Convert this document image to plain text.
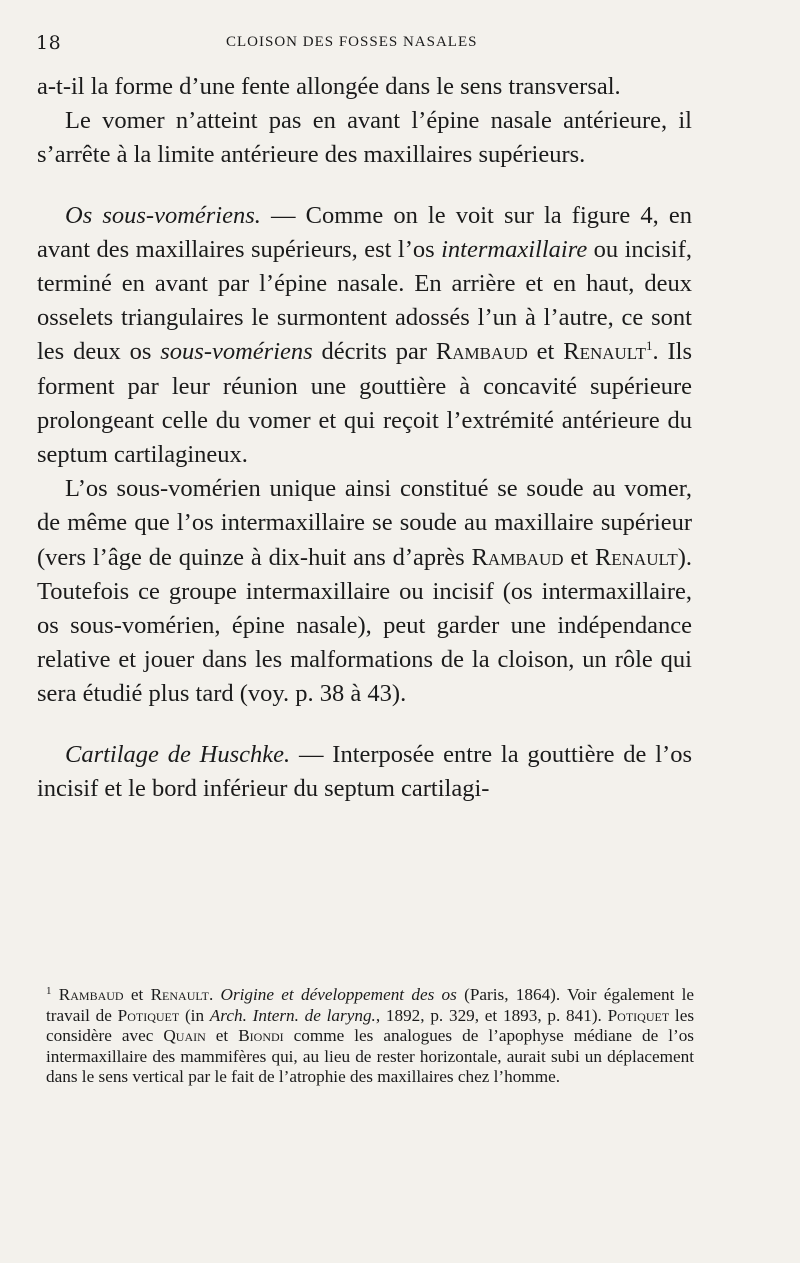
18	CLOISON DES FOSSES NASALES

a-t-il la forme d’une fente allongée dans le sens transversal.

Le vomer n’atteint pas en avant l’épine nasale antérieure, il s’arrête à la limite antérieure des maxillaires supérieurs.

Os sous-vomériens. — Comme on le voit sur la figure 4, en avant des maxillaires supérieurs, est l’os intermaxillaire ou incisif, terminé en avant par l’épine nasale. En arrière et en haut, deux osselets triangulaires le surmontent adossés l’un à l’autre, ce sont les deux os sous-vomériens décrits par Rambaud et Renault$^1$. Ils forment par leur réunion une gouttière à concavité supérieure prolongeant celle du vomer et qui reçoit l’extrémité antérieure du septum cartilagineux.

L’os sous-vomérien unique ainsi constitué se soude au vomer, de même que l’os intermaxillaire se soude au maxillaire supérieur (vers l’âge de quinze à dix-huit ans d’après Rambaud et Renault). Toutefois ce groupe intermaxillaire ou incisif (os intermaxillaire, os sous-vomérien, épine nasale), peut garder une indépendance relative et jouer dans les malformations de la cloison, un rôle qui sera étudié plus tard (voy. p. 38 à 43).

Cartilage de Huschke. — Interposée entre la gouttière de l’os incisif et le bord inférieur du septum cartilagi-

$^1$ Rambaud et Renault. Origine et développement des os (Paris, 1864). Voir également le travail de Potiquet (in Arch. Intern. de laryng., 1892, p. 329, et 1893, p. 841). Potiquet les considère avec Quain et Biondi comme les analogues de l’apophyse médiane de l’os intermaxillaire des mammifères qui, au lieu de rester horizontale, aurait subi un déplacement dans le sens vertical par le fait de l’atrophie des maxillaires chez l’homme.
